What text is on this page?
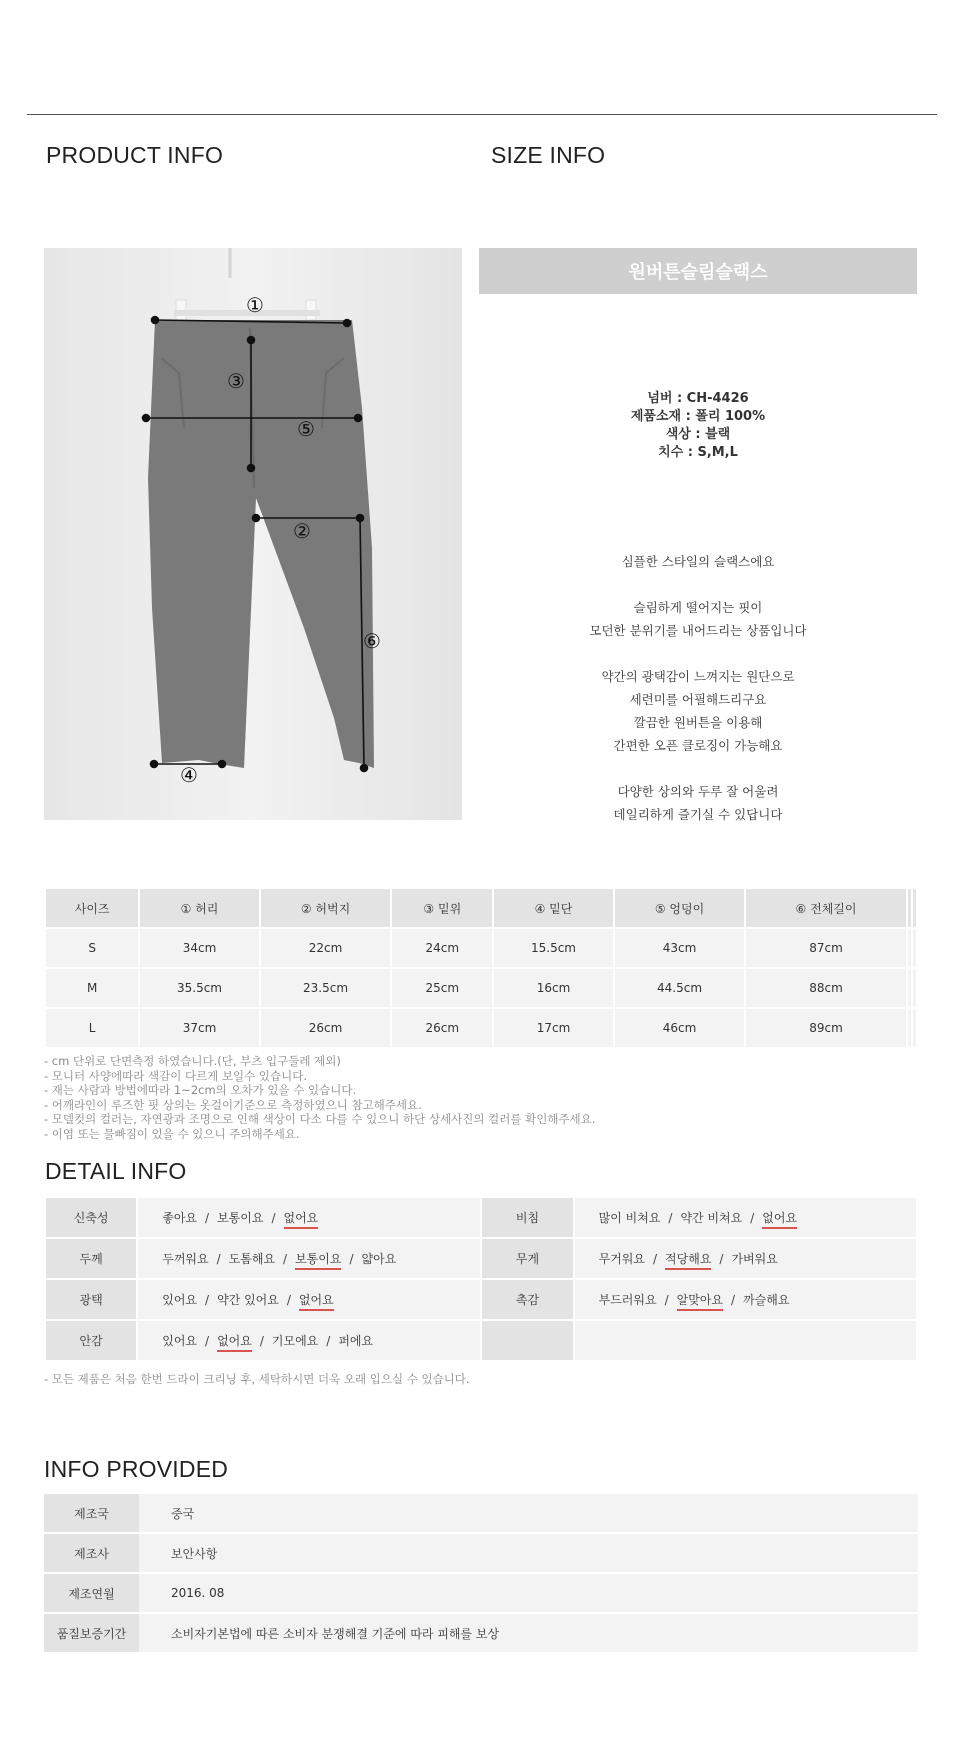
PRODUCT INFO	SIZE INFO
①
②
③
④
⑤
⑥
원버튼슬림슬랙스
넘버 : CH-4426
제품소재 : 폴리 100%
색상 : 블랙
치수 : S,M,L

심플한 스타일의 슬랙스에요

슬림하게 떨어지는 핏이

모던한 분위기를 내어드리는 상품입니다

약간의 광택감이 느껴지는 원단으로

세련미를 어필해드리구요

깔끔한 원버튼을 이용해

간편한 오픈 클로징이 가능해요

다양한 상의와 두루 잘 어울려

데일리하게 즐기실 수 있답니다

사이즈	① 허리	② 허벅지	③ 밑위	④ 밑단	⑤ 엉덩이	⑥ 전체길이		
S	34cm	22cm	24cm	15.5cm	43cm	87cm		
M	35.5cm	23.5cm	25cm	16cm	44.5cm	88cm		
L	37cm	26cm	26cm	17cm	46cm	89cm		
- cm 단위로 단면측정 하였습니다.(단, 부츠 입구둘레 제외)
- 모니터 사양에따라 색감이 다르게 보일수 있습니다.
- 재는 사람과 방법에따라 1~2cm의 오차가 있을 수 있습니다.
- 어깨라인이 루즈한 핏 상의는 옷걸이기준으로 측정하였으니 참고해주세요.
- 모델컷의 컬러는, 자연광과 조명으로 인해 색상이 다소 다를 수 있으니 하단 상세사진의 컬러를 확인해주세요.
- 이염 또는 물빠짐이 있을 수 있으니 주의해주세요.
DETAIL INFO
신축성	좋아요 / 보통이요 / 없어요	비침	많이 비쳐요 / 약간 비쳐요 / 없어요
두께	두꺼워요 / 도톰해요 / 보통이요 / 얇아요	무게	무거워요 / 적당해요 / 가벼워요
광택	있어요 / 약간 있어요 / 없어요	촉감	부드러워요 / 알맞아요 / 까슬해요
안감	있어요 / 없어요 / 기모에요 / 퍼에요		
- 모든 제품은 처음 한번 드라이 크리닝 후, 세탁하시면 더욱 오래 입으실 수 있습니다.
INFO PROVIDED
제조국	중국
제조사	보안사항
제조연월	2016. 08
품질보증기간	소비자기본법에 따른 소비자 분쟁해결 기준에 따라 피해를 보상
